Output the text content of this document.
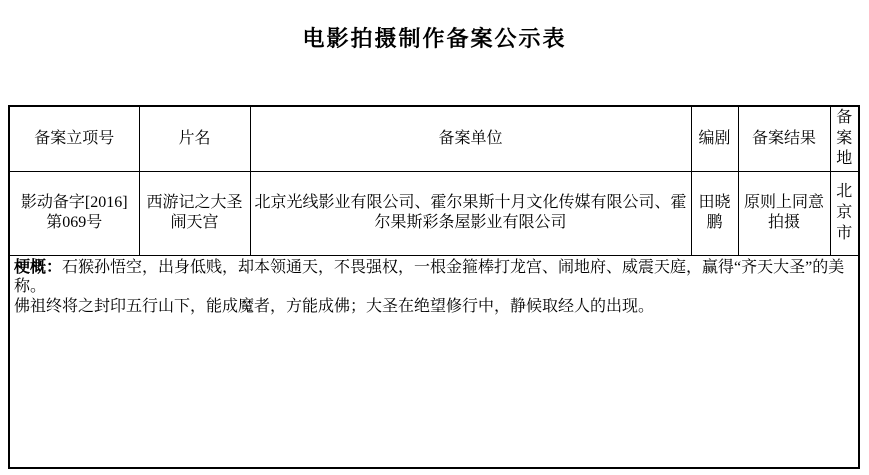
电影拍摄制作备案公示表
备案立项号	片名	备案单位	编剧	备案结果	备案地
影动备字[2016]第069号	西游记之大圣闹天宫	北京光线影业有限公司、霍尔果斯十月文化传媒有限公司、霍尔果斯彩条屋影业有限公司	田晓鹏	原则上同意拍摄	北京市

梗概：石猴孙悟空，出身低贱，却本领通天，不畏强权，一根金箍棒打龙宫、闹地府、威震天庭，赢得“齐天大圣”的美称。
佛祖终将之封印五行山下，能成魔者，方能成佛；大圣在绝望修行中，静候取经人的出现。					
